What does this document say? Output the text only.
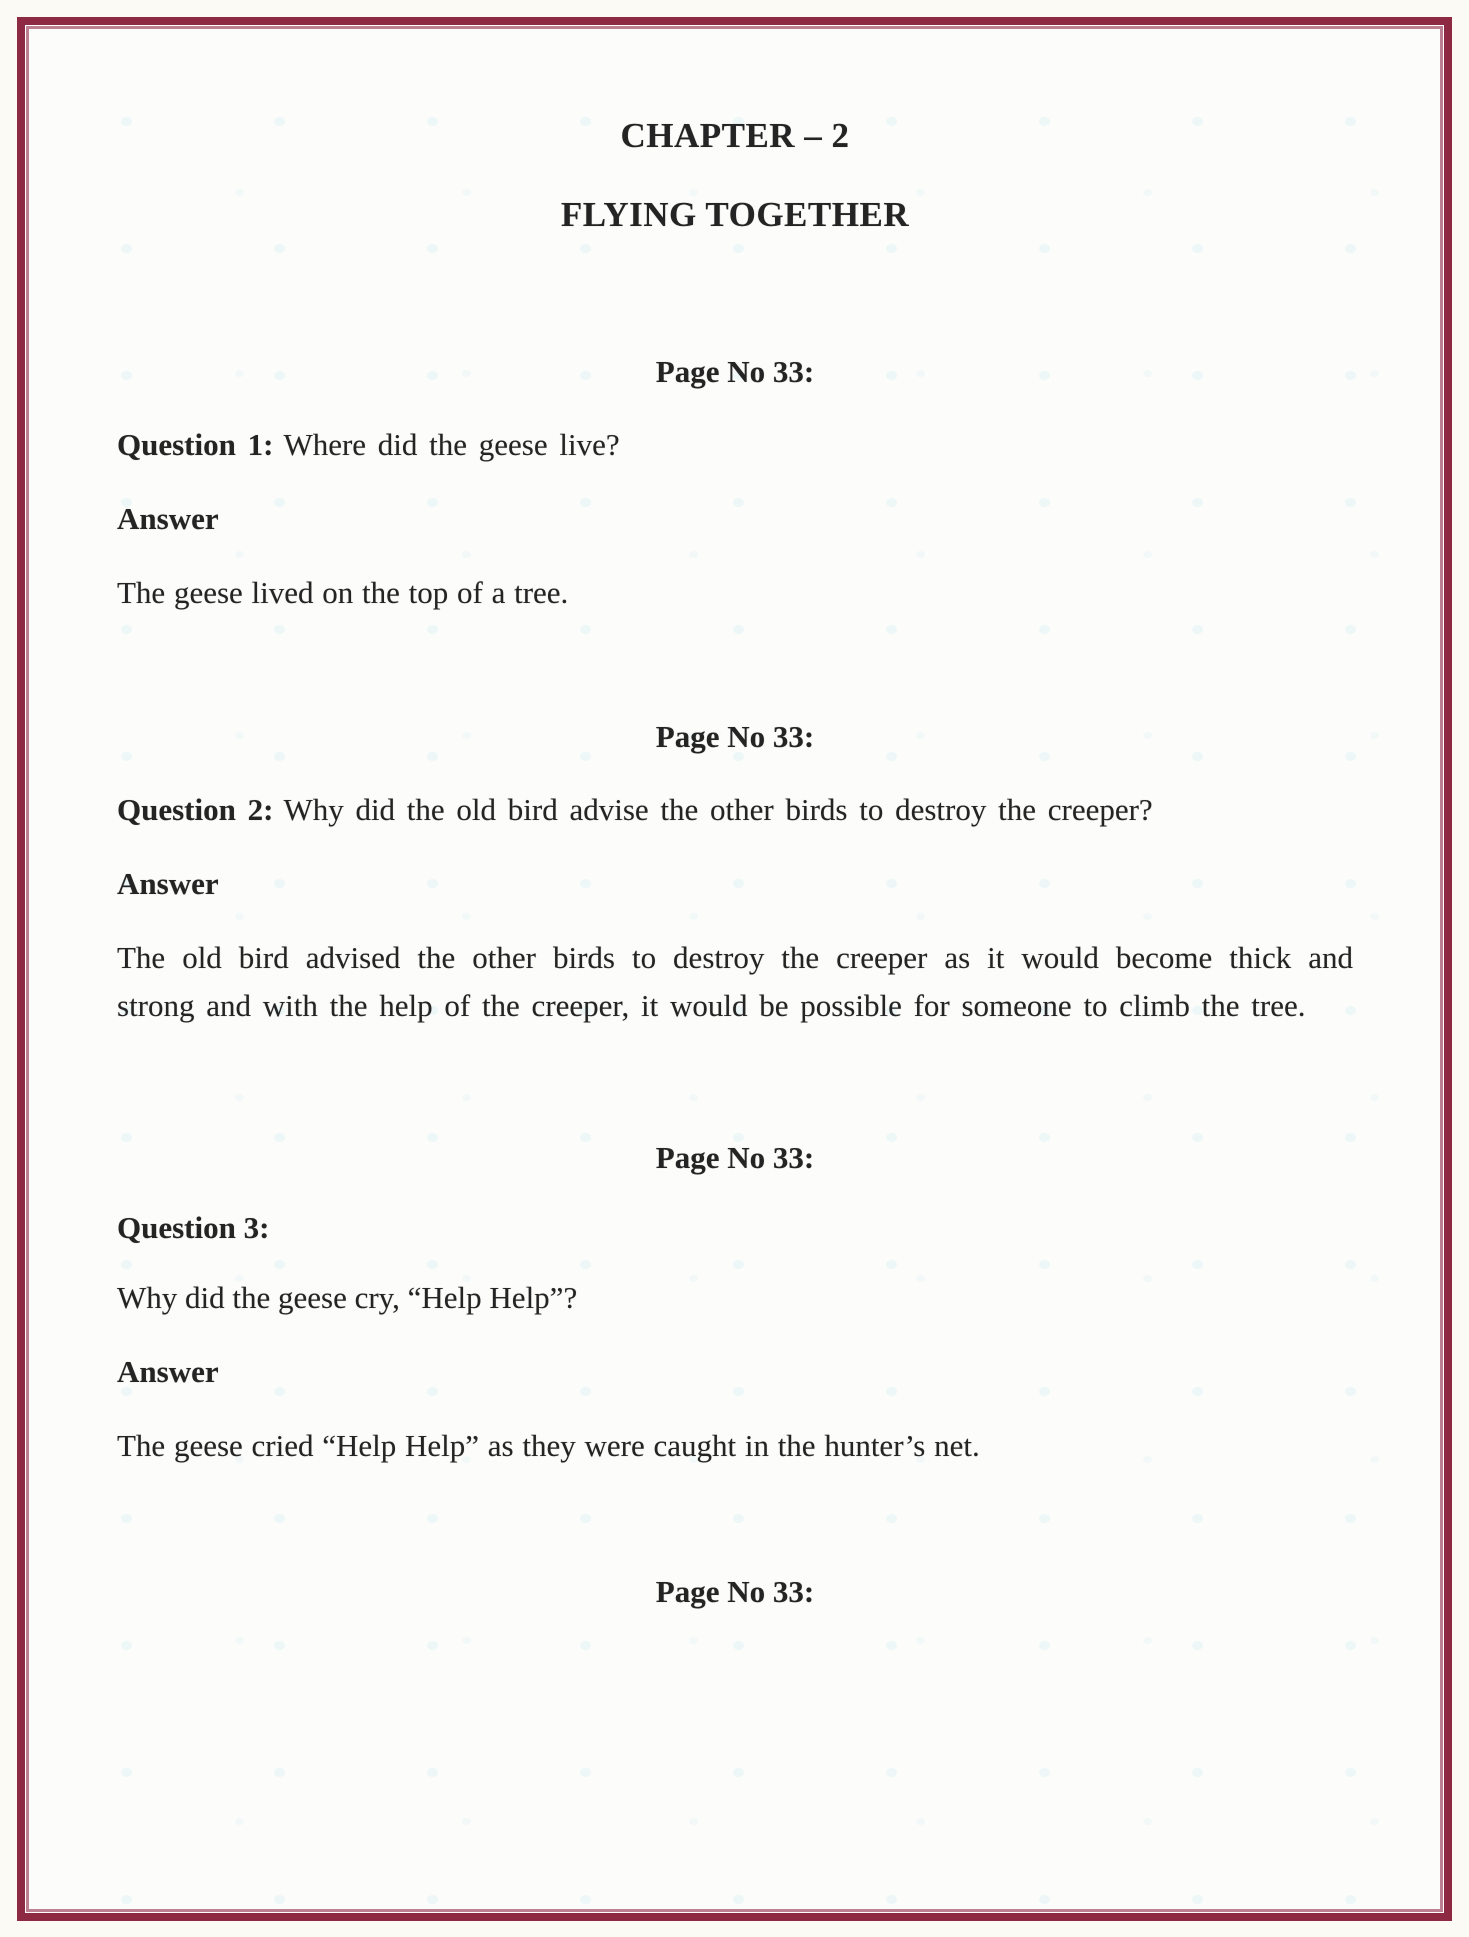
CHAPTER – 2
FLYING TOGETHER

Page No 33:

Question 1: Where did the geese live?

Answer

The geese lived on the top of a tree.

Page No 33:

Question 2: Why did the old bird advise the other birds to destroy the creeper?

Answer

The old bird advised the other birds to destroy the creeper as it would become thick and strong and with the help of the creeper, it would be possible for someone to climb the tree.

Page No 33:

Question 3:

Why did the geese cry, “Help Help”?

Answer

The geese cried “Help Help” as they were caught in the hunter’s net.

Page No 33:
